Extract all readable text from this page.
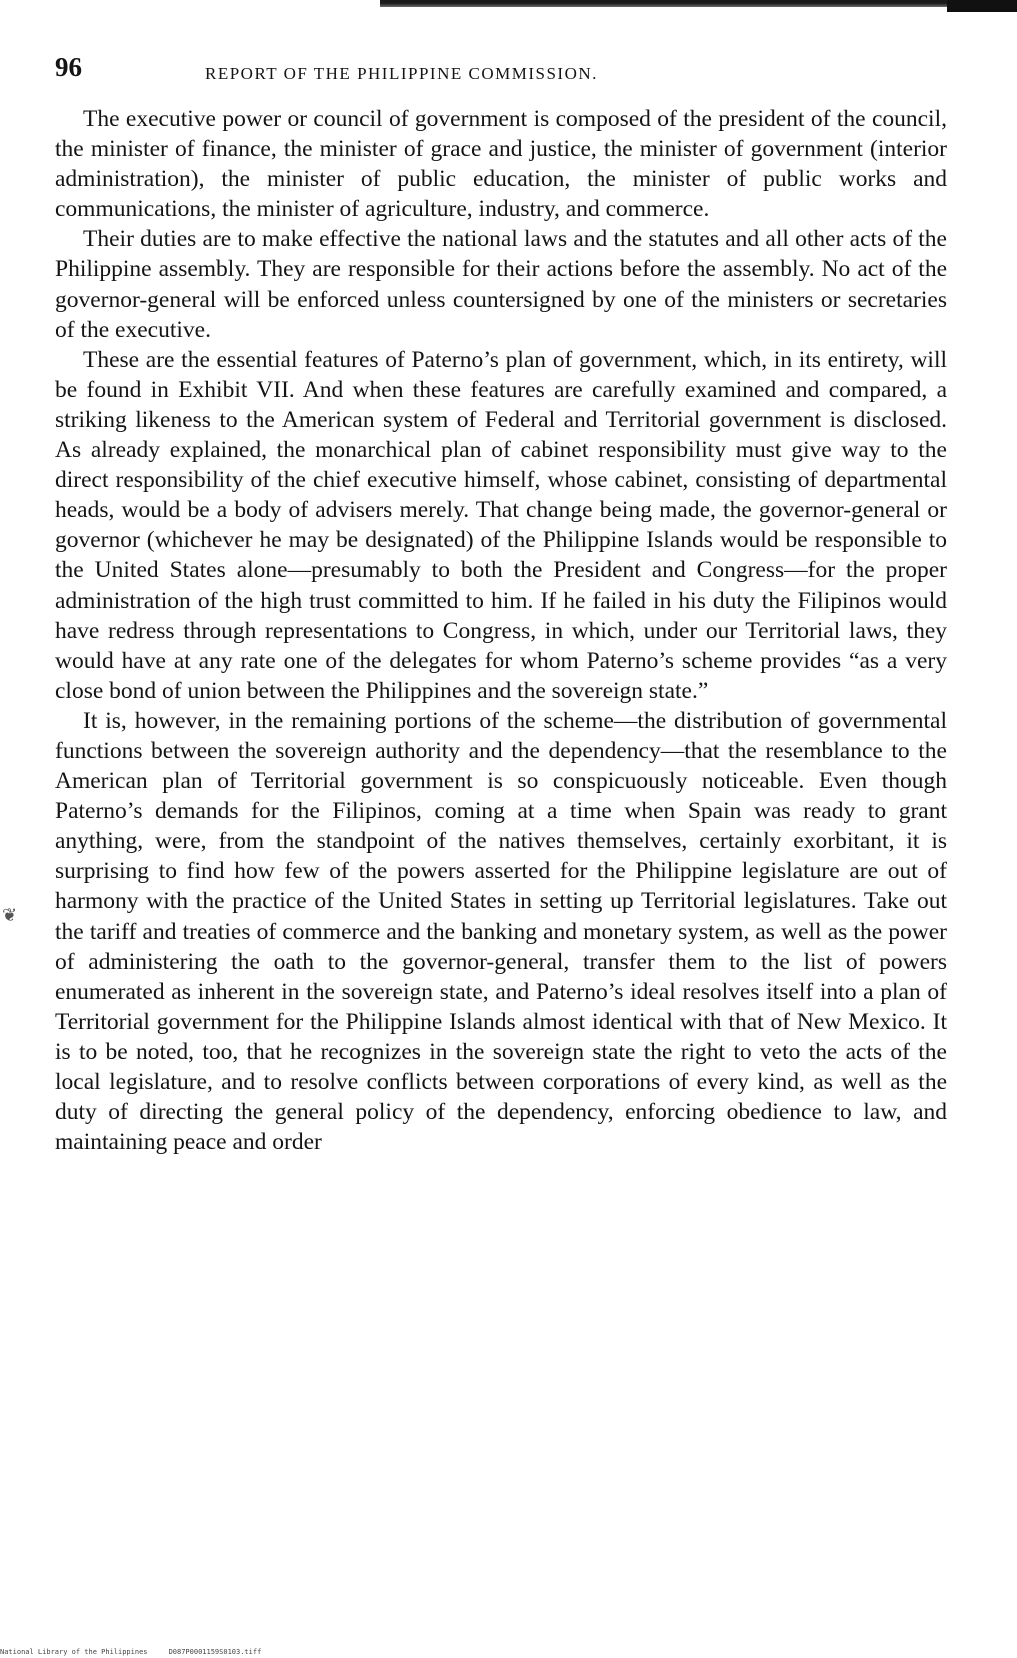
❦
96	REPORT OF THE PHILIPPINE COMMISSION.

The executive power or council of government is composed of the president of the council, the minister of finance, the minister of grace and justice, the minister of government (interior administration), the minister of public education, the minister of public works and communications, the minister of agriculture, industry, and commerce.

Their duties are to make effective the national laws and the statutes and all other acts of the Philippine assembly. They are responsible for their actions before the assembly. No act of the governor-general will be enforced unless countersigned by one of the ministers or secretaries of the executive.

These are the essential features of Paterno’s plan of government, which, in its entirety, will be found in Exhibit VII. And when these features are carefully examined and compared, a striking likeness to the American system of Federal and Territorial government is disclosed. As already explained, the monarchical plan of cabinet responsibility must give way to the direct responsibility of the chief executive himself, whose cabinet, consisting of departmental heads, would be a body of advisers merely. That change being made, the governor-general or governor (whichever he may be designated) of the Philippine Islands would be responsible to the United States alone—presumably to both the President and Congress—for the proper administration of the high trust committed to him. If he failed in his duty the Filipinos would have redress through representations to Congress, in which, under our Territorial laws, they would have at any rate one of the delegates for whom Paterno’s scheme provides “as a very close bond of union between the Philippines and the sovereign state.”

It is, however, in the remaining portions of the scheme—the distribution of governmental functions between the sovereign authority and the dependency—that the resemblance to the American plan of Territorial government is so conspicuously noticeable. Even though Paterno’s demands for the Filipinos, coming at a time when Spain was ready to grant anything, were, from the standpoint of the natives themselves, certainly exorbitant, it is surprising to find how few of the powers asserted for the Philippine legislature are out of harmony with the practice of the United States in setting up Territorial legislatures. Take out the tariff and treaties of commerce and the banking and monetary system, as well as the power of administering the oath to the governor-general, transfer them to the list of powers enumerated as inherent in the sovereign state, and Paterno’s ideal resolves itself into a plan of Territorial government for the Philippine Islands almost identical with that of New Mexico. It is to be noted, too, that he recognizes in the sovereign state the right to veto the acts of the local legislature, and to resolve conflicts between corporations of every kind, as well as the duty of directing the general policy of the dependency, enforcing obedience to law, and maintaining peace and order

National Library of the Philippines     D087P0001159S0103.tiff
